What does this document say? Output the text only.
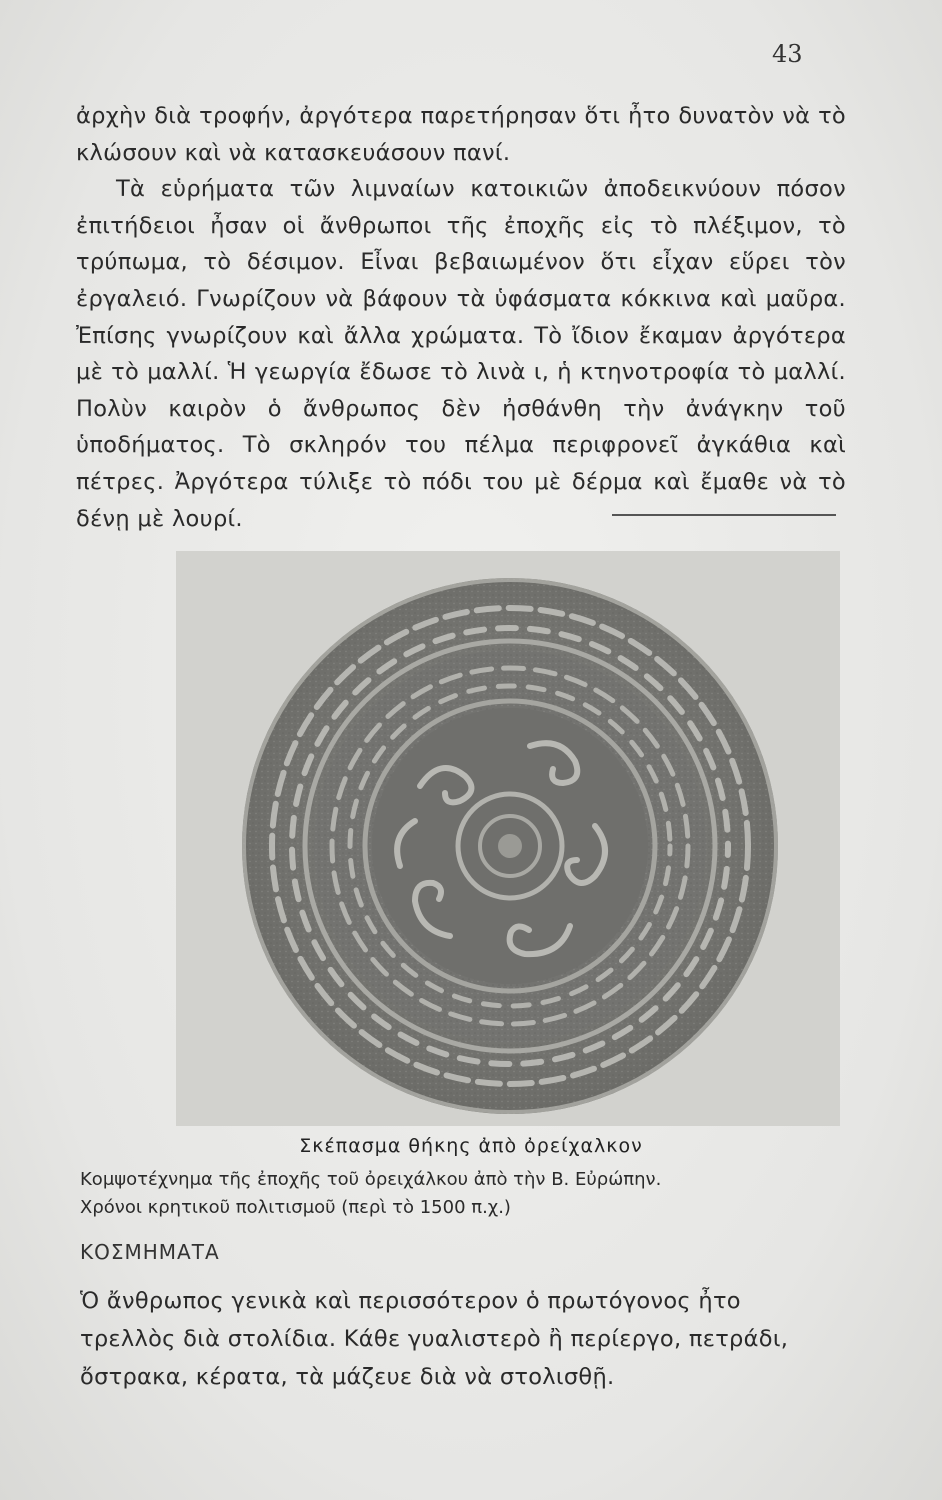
43

ἀρχὴν διὰ τροφήν, ἀργότερα παρετήρησαν ὅτι ἦτο δυνατὸν νὰ τὸ κλώσουν καὶ νὰ κατασκευάσουν πανί.

Τὰ εὑρήματα τῶν λιμναίων κατοικιῶν ἀποδεικνύουν πόσον ἐπιτήδειοι ἦσαν οἱ ἄνθρωποι τῆς ἐποχῆς εἰς τὸ πλέξιμον, τὸ τρύπωμα, τὸ δέσιμον. Εἶναι βεβαιωμένον ὅτι εἶχαν εὕρει τὸν ἐργαλειό. Γνωρίζουν νὰ βάφουν τὰ ὑφάσματα κόκκινα καὶ μαῦρα. Ἐπίσης γνωρίζουν καὶ ἄλλα χρώματα. Τὸ ἴδιον ἔκαμαν ἀργότερα μὲ τὸ μαλλί. Ἡ γεωργία ἔδωσε τὸ λινὰ ι, ἡ κτηνοτροφία τὸ μαλλί. Πολὺν καιρὸν ὁ ἄνθρωπος δὲν ἠσθάνθη τὴν ἀνάγκην τοῦ ὑποδήματος. Τὸ σκληρόν του πέλμα περιφρονεῖ ἀγκάθια καὶ πέτρες. Ἀργότερα τύλιξε τὸ πόδι του μὲ δέρμα καὶ ἔμαθε νὰ τὸ δένῃ μὲ λουρί.

Σκέπασμα θήκης ἀπὸ ὀρείχαλκον
Κομψοτέχνημα τῆς ἐποχῆς τοῦ ὀρειχάλκου ἀπὸ τὴν Β. Εὐρώπην.
Χρόνοι κρητικοῦ πολιτισμοῦ (περὶ τὸ 1500 π.χ.)
ΚΟΣΜΗΜΑΤΑ
Ὁ ἄνθρωπος γενικὰ καὶ περισσότερον ὁ πρωτόγονος ἦτο
τρελλὸς διὰ στολίδια. Κάθε γυαλιστερὸ ἢ περίεργο, πετράδι,
ὄστρακα, κέρατα, τὰ μάζευε διὰ νὰ στολισθῇ.
